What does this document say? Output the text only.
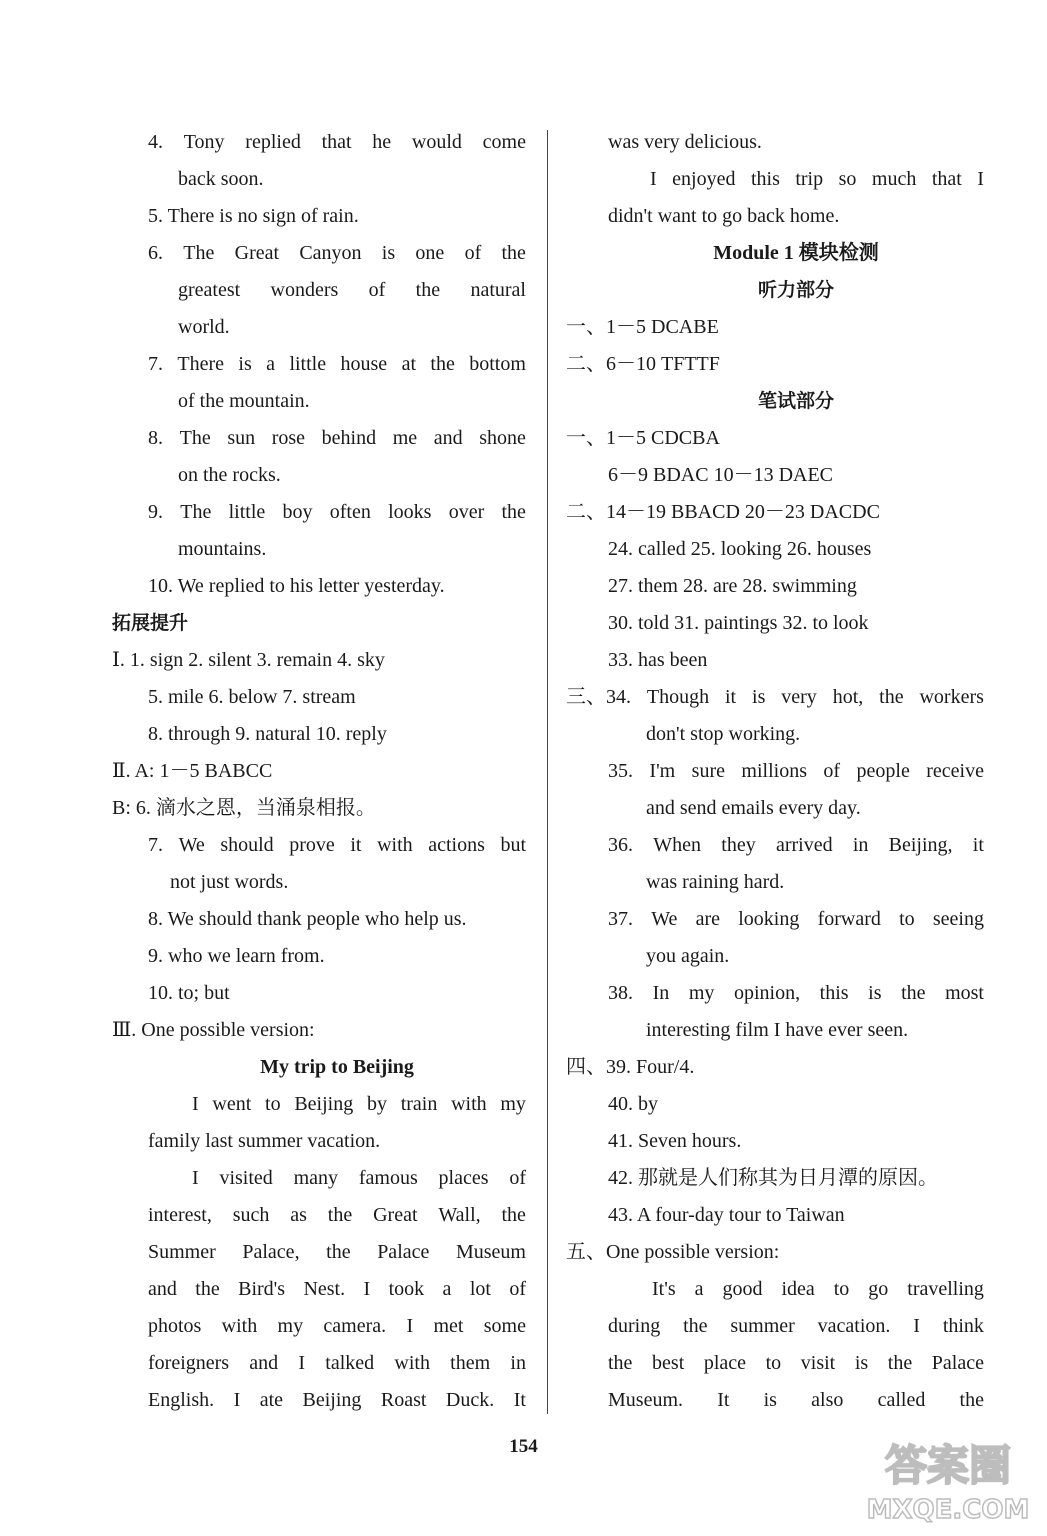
4. Tony replied that he would come
back soon.
5. There is no sign of rain.
6. The Great Canyon is one of the
greatest wonders of the natural
world.
7. There is a little house at the bottom
of the mountain.
8. The sun rose behind me and shone
on the rocks.
9. The little boy often looks over the
mountains.
10. We replied to his letter yesterday.
拓展提升
Ⅰ. 1. sign 2. silent 3. remain 4. sky
5. mile 6. below 7. stream
8. through 9. natural 10. reply
Ⅱ. A: 1－5 BABCC
B: 6. 滴水之恩，当涌泉相报。
7. We should prove it with actions but
not just words.
8. We should thank people who help us.
9. who we learn from.
10. to; but
Ⅲ. One possible version:
My trip to Beijing
I went to Beijing by train with my
family last summer vacation.
I visited many famous places of
interest, such as the Great Wall, the
Summer Palace, the Palace Museum
and the Bird's Nest. I took a lot of
photos with my camera. I met some
foreigners and I talked with them in
English. I ate Beijing Roast Duck. It
was very delicious.
I enjoyed this trip so much that I
didn't want to go back home.
Module 1 模块检测
听力部分
一、1－5 DCABE
二、6－10 TFTTF
笔试部分
一、1－5 CDCBA
6－9 BDAC 10－13 DAEC
二、14－19 BBACD 20－23 DACDC
24. called 25. looking 26. houses
27. them 28. are 28. swimming
30. told 31. paintings 32. to look
33. has been
三、34. Though it is very hot, the workers
don't stop working.
35. I'm sure millions of people receive
and send emails every day.
36. When they arrived in Beijing, it
was raining hard.
37. We are looking forward to seeing
you again.
38. In my opinion, this is the most
interesting film I have ever seen.
四、39. Four/4.
40. by
41. Seven hours.
42. 那就是人们称其为日月潭的原因。
43. A four-day tour to Taiwan
五、One possible version:
It's a good idea to go travelling
during the summer vacation. I think
the best place to visit is the Palace
Museum. It is also called the
154	答案圈
MXQE.COM
